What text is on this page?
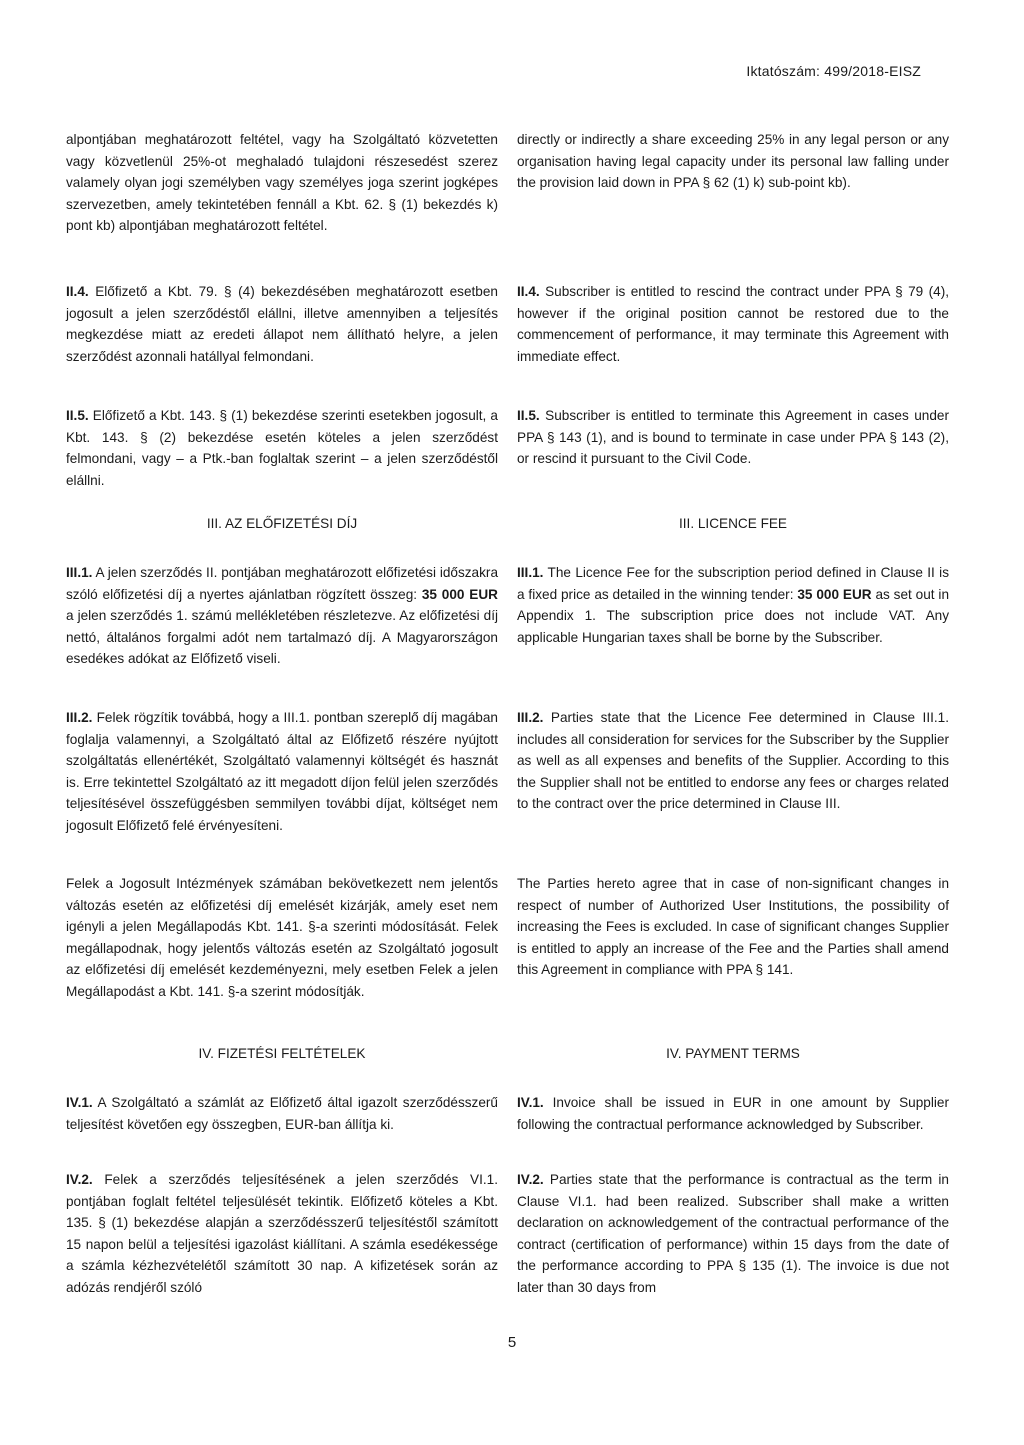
Iktatószám: 499/2018-EISZ

alpontjában meghatározott feltétel, vagy ha Szolgáltató közvetetten vagy közvetlenül 25%-ot meghaladó tulajdoni részesedést szerez valamely olyan jogi személyben vagy személyes joga szerint jogképes szervezetben, amely tekintetében fennáll a Kbt. 62. § (1) bekezdés k) pont kb) alpontjában meghatározott feltétel.

II.4. Előfizető a Kbt. 79. § (4) bekezdésében meghatározott esetben jogosult a jelen szerződéstől elállni, illetve amennyiben a teljesítés megkezdése miatt az eredeti állapot nem állítható helyre, a jelen szerződést azonnali hatállyal felmondani.

II.5. Előfizető a Kbt. 143. § (1) bekezdése szerinti esetekben jogosult, a Kbt. 143. § (2) bekezdése esetén köteles a jelen szerződést felmondani, vagy – a Ptk.-ban foglaltak szerint – a jelen szerződéstől elállni.

III. AZ ELŐFIZETÉSI DÍJ

III.1. A jelen szerződés II. pontjában meghatározott előfizetési időszakra szóló előfizetési díj a nyertes ajánlatban rögzített összeg: 35 000 EUR a jelen szerződés 1. számú mellékletében részletezve. Az előfizetési díj nettó, általános forgalmi adót nem tartalmazó díj. A Magyarországon esedékes adókat az Előfizető viseli.

III.2. Felek rögzítik továbbá, hogy a III.1. pontban szereplő díj magában foglalja valamennyi, a Szolgáltató által az Előfizető részére nyújtott szolgáltatás ellenértékét, Szolgáltató valamennyi költségét és hasznát is. Erre tekintettel Szolgáltató az itt megadott díjon felül jelen szerződés teljesítésével összefüggésben semmilyen további díjat, költséget nem jogosult Előfizető felé érvényesíteni.

Felek a Jogosult Intézmények számában bekövetkezett nem jelentős változás esetén az előfizetési díj emelését kizárják, amely eset nem igényli a jelen Megállapodás Kbt. 141. §-a szerinti módosítását. Felek megállapodnak, hogy jelentős változás esetén az Szolgáltató jogosult az előfizetési díj emelését kezdeményezni, mely esetben Felek a jelen Megállapodást a Kbt. 141. §-a szerint módosítják.

IV. FIZETÉSI FELTÉTELEK

IV.1. A Szolgáltató a számlát az Előfizető által igazolt szerződésszerű teljesítést követően egy összegben, EUR-ban állítja ki.

IV.2. Felek a szerződés teljesítésének a jelen szerződés VI.1. pontjában foglalt feltétel teljesülését tekintik. Előfizető köteles a Kbt. 135. § (1) bekezdése alapján a szerződésszerű teljesítéstől számított 15 napon belül a teljesítési igazolást kiállítani. A számla esedékessége a számla kézhezvételétől számított 30 nap. A kifizetések során az adózás rendjéről szóló

directly or indirectly a share exceeding 25% in any legal person or any organisation having legal capacity under its personal law falling under the provision laid down in PPA § 62 (1) k) sub-point kb).

II.4. Subscriber is entitled to rescind the contract under PPA § 79 (4), however if the original position cannot be restored due to the commencement of performance, it may terminate this Agreement with immediate effect.

II.5. Subscriber is entitled to terminate this Agreement in cases under PPA § 143 (1), and is bound to terminate in case under PPA § 143 (2), or rescind it pursuant to the Civil Code.

III. LICENCE FEE

III.1. The Licence Fee for the subscription period defined in Clause II is a fixed price as detailed in the winning tender: 35 000 EUR as set out in Appendix 1. The subscription price does not include VAT. Any applicable Hungarian taxes shall be borne by the Subscriber.

III.2. Parties state that the Licence Fee determined in Clause III.1. includes all consideration for services for the Subscriber by the Supplier as well as all expenses and benefits of the Supplier. According to this the Supplier shall not be entitled to endorse any fees or charges related to the contract over the price determined in Clause III.

The Parties hereto agree that in case of non-significant changes in respect of number of Authorized User Institutions, the possibility of increasing the Fees is excluded. In case of significant changes Supplier is entitled to apply an increase of the Fee and the Parties shall amend this Agreement in compliance with PPA § 141.

IV. PAYMENT TERMS

IV.1. Invoice shall be issued in EUR in one amount by Supplier following the contractual performance acknowledged by Subscriber.

IV.2. Parties state that the performance is contractual as the term in Clause VI.1. had been realized. Subscriber shall make a written declaration on acknowledgement of the contractual performance of the contract (certification of performance) within 15 days from the date of the performance according to PPA § 135 (1). The invoice is due not later than 30 days from

5
